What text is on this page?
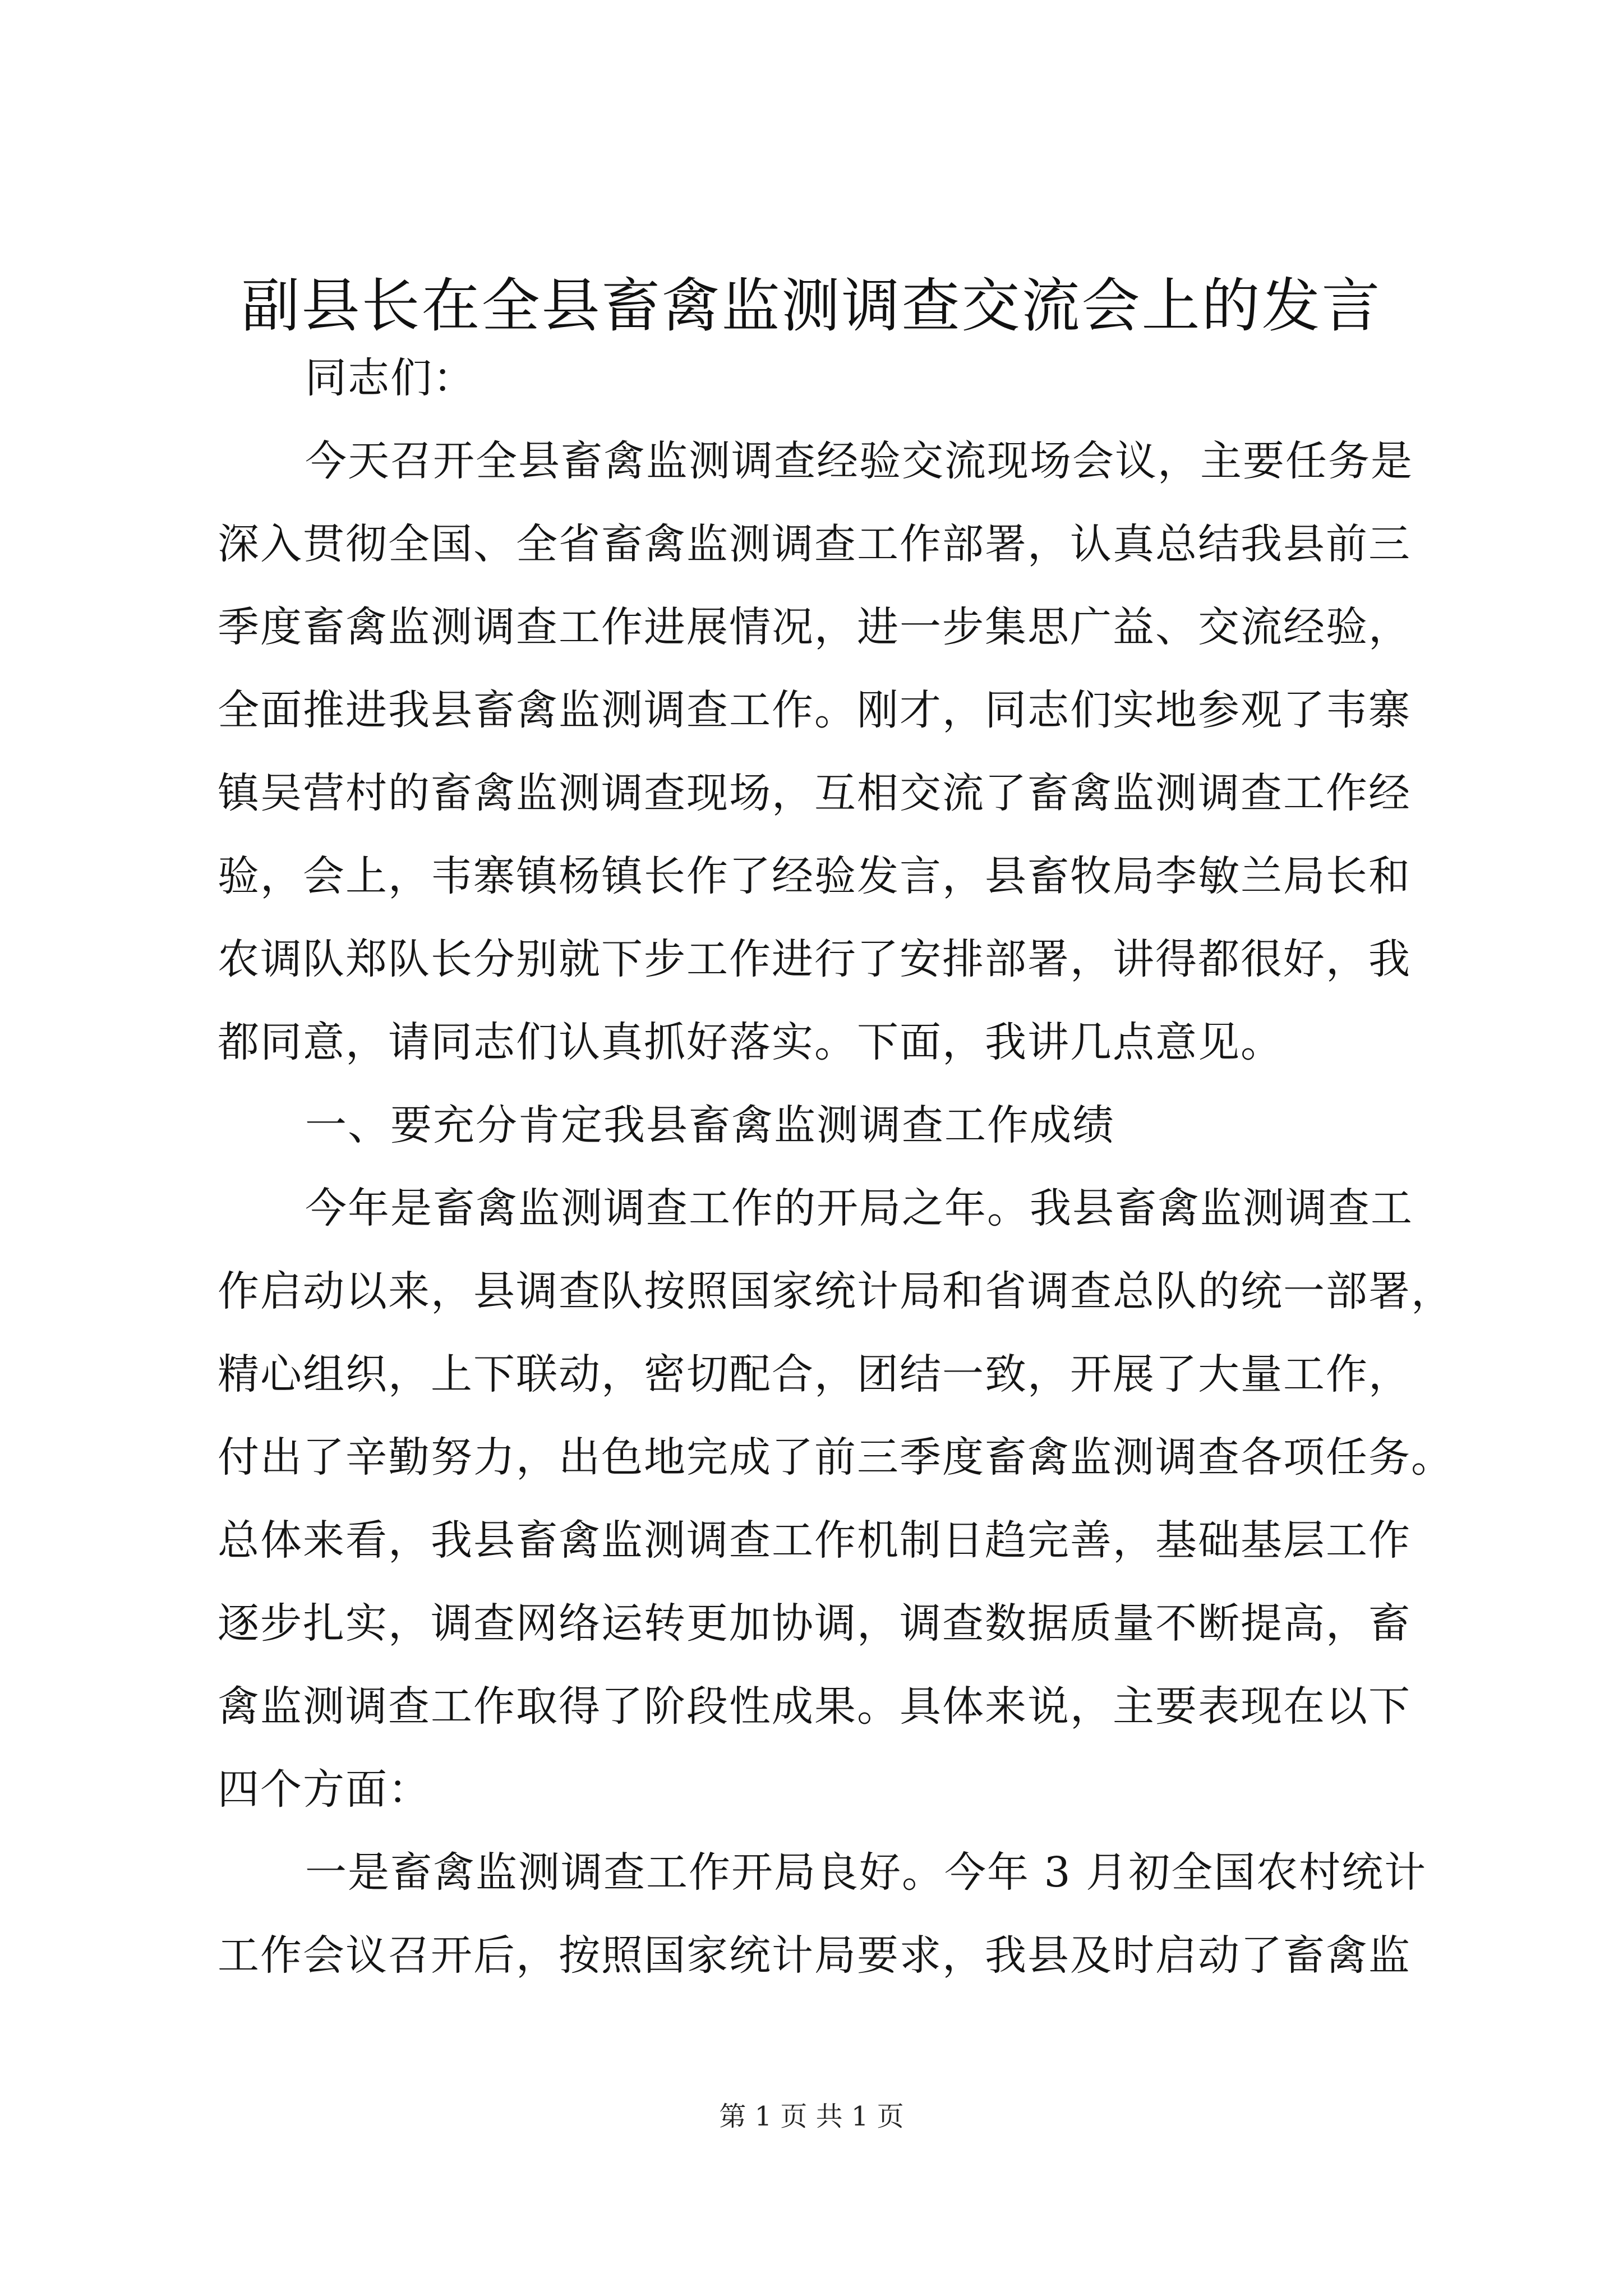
副县长在全县畜禽监测调查交流会上的发言
同志们：
今天召开全县畜禽监测调查经验交流现场会议，主要任务是
深入贯彻全国、全省畜禽监测调查工作部署，认真总结我县前三
季度畜禽监测调查工作进展情况，进一步集思广益、交流经验，
全面推进我县畜禽监测调查工作。刚才，同志们实地参观了韦寨
镇吴营村的畜禽监测调查现场，互相交流了畜禽监测调查工作经
验，会上，韦寨镇杨镇长作了经验发言，县畜牧局李敏兰局长和
农调队郑队长分别就下步工作进行了安排部署，讲得都很好，我
都同意，请同志们认真抓好落实。下面，我讲几点意见。
一、要充分肯定我县畜禽监测调查工作成绩
今年是畜禽监测调查工作的开局之年。我县畜禽监测调查工
作启动以来，县调查队按照国家统计局和省调查总队的统一部署，
精心组织，上下联动，密切配合，团结一致，开展了大量工作，
付出了辛勤努力，出色地完成了前三季度畜禽监测调查各项任务。
总体来看，我县畜禽监测调查工作机制日趋完善，基础基层工作
逐步扎实，调查网络运转更加协调，调查数据质量不断提高，畜
禽监测调查工作取得了阶段性成果。具体来说，主要表现在以下
四个方面：
一是畜禽监测调查工作开局良好。今年 3 月初全国农村统计
工作会议召开后，按照国家统计局要求，我县及时启动了畜禽监
第 1 页 共 1 页
